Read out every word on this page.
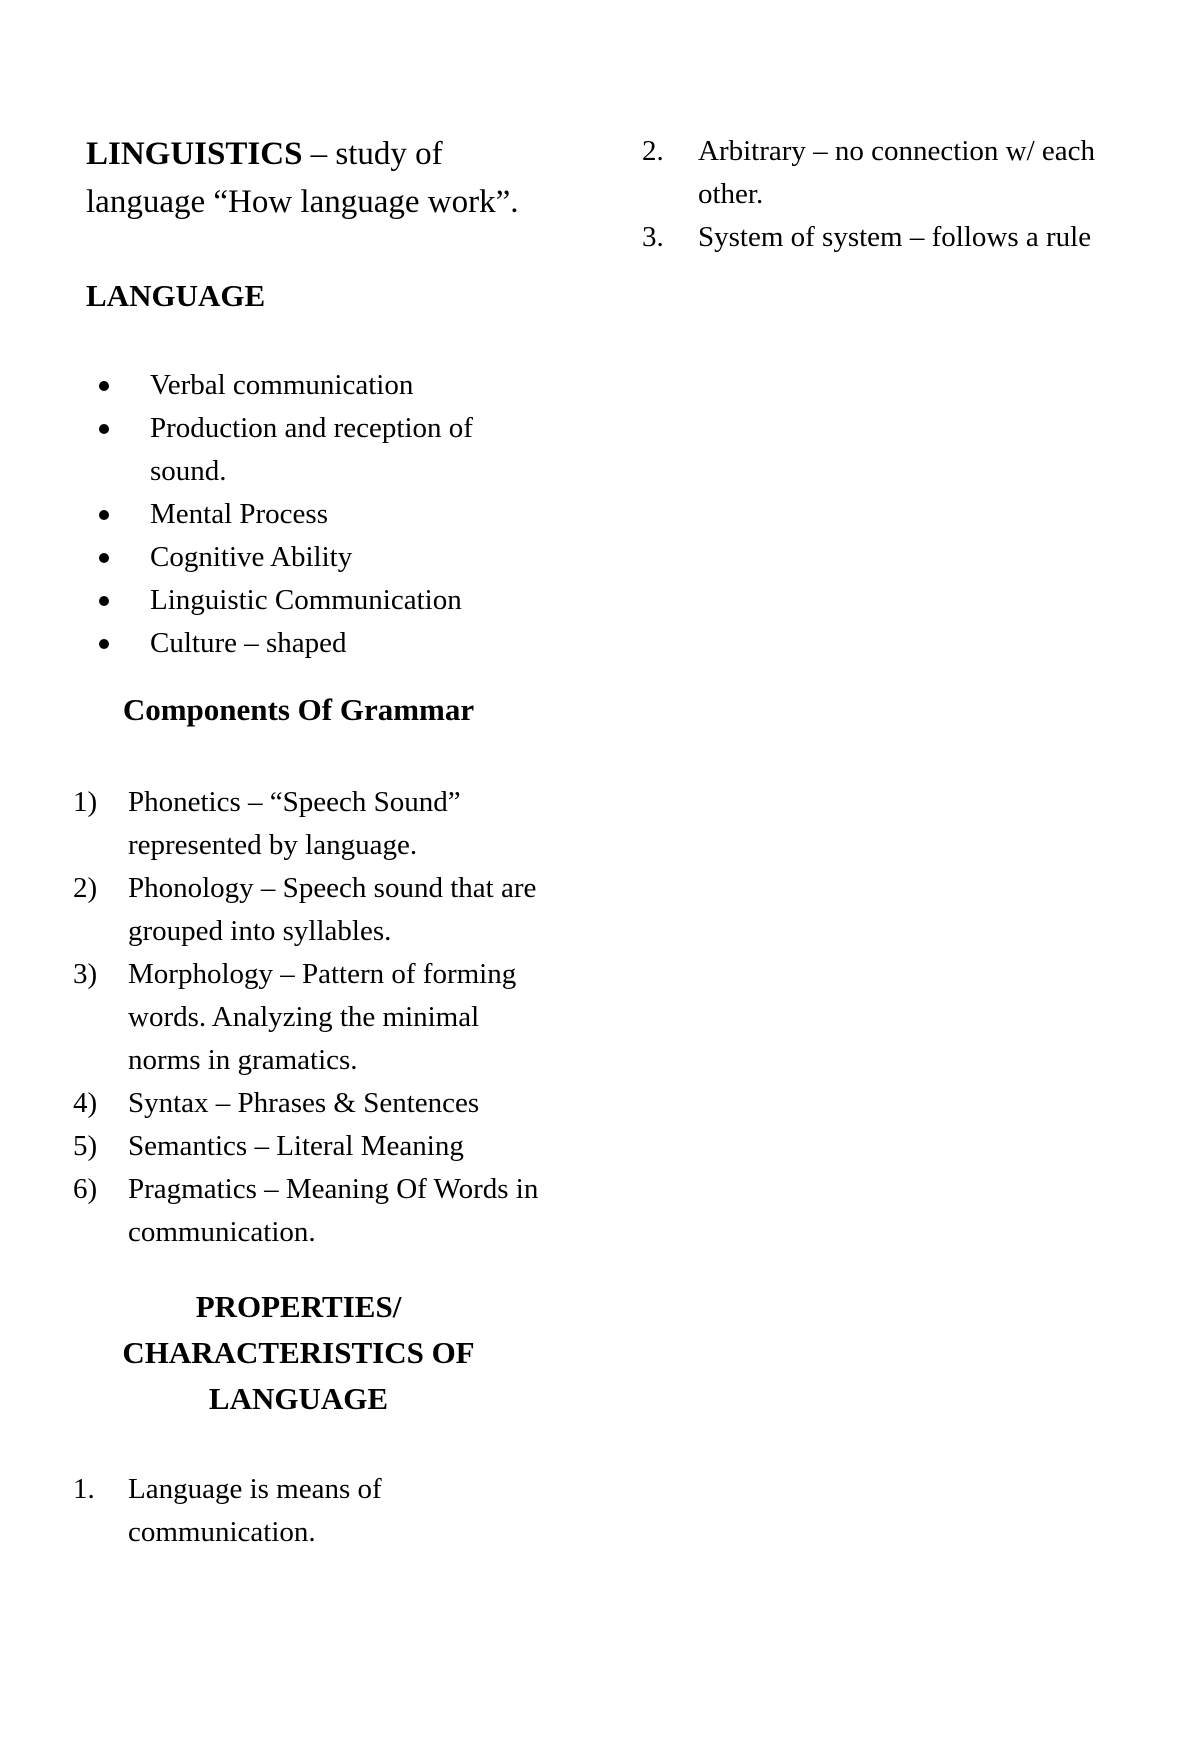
LINGUISTICS – study of language “How language work”.

LANGUAGE
Verbal communication
Production and reception of sound.
Mental Process
Cognitive Ability
Linguistic Communication
Culture – shaped
Components Of Grammar
1) Phonetics – “Speech Sound” represented by language.
2) Phonology – Speech sound that are grouped into syllables.
3) Morphology – Pattern of forming words. Analyzing the minimal norms in gramatics.
4) Syntax – Phrases & Sentences
5) Semantics – Literal Meaning
6) Pragmatics – Meaning Of Words in communication.
PROPERTIES/ CHARACTERISTICS OF LANGUAGE
1. Language is means of communication.
2. Arbitrary – no connection w/ each other.
3. System of system – follows a rule
